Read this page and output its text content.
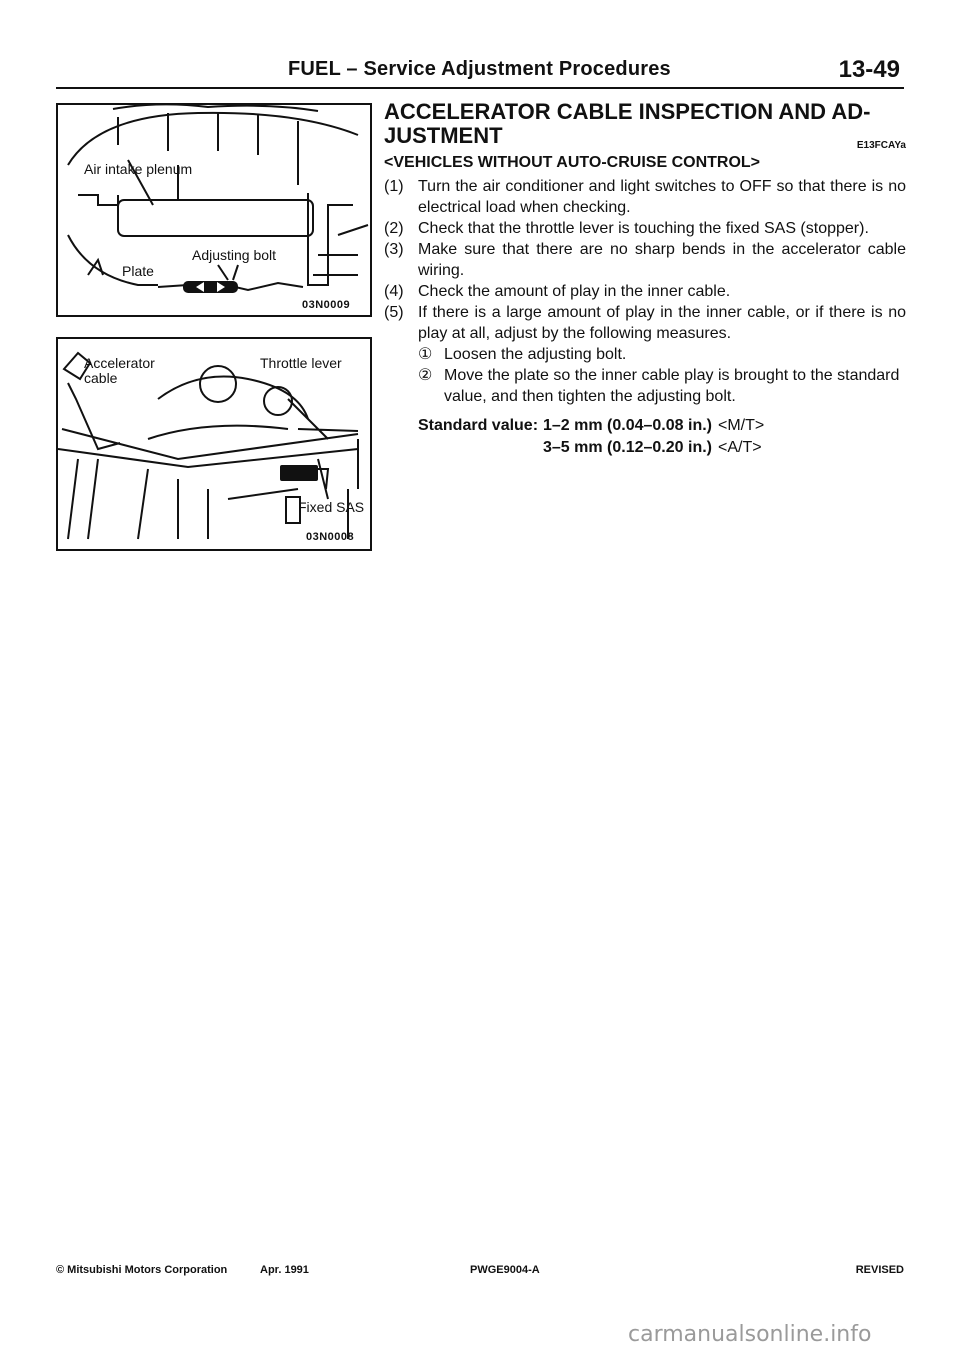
FUEL – Service Adjustment Procedures	13-49
Air intake plenum
Adjusting bolt
Plate
03N0009
Accelerator
cable
Throttle lever
Fixed SAS
03N0008
ACCELERATOR CABLE INSPECTION AND AD-
JUSTMENT	E13FCAYa
<VEHICLES WITHOUT AUTO-CRUISE CONTROL>
(1) Turn the air conditioner and light switches to OFF so that there is no electrical load when checking.
(2) Check that the throttle lever is touching the fixed SAS (stopper).
(3) Make sure that there are no sharp bends in the accelerator cable wiring.
(4) Check the amount of play in the inner cable.
(5) If there is a large amount of play in the inner cable, or if there is no play at all, adjust by the following measures.
① Loosen the adjusting bolt.
② Move the plate so the inner cable play is brought to the standard value, and then tighten the adjusting bolt.
Standard value: 1–2 mm (0.04–0.08 in.) <M/T>
3–5 mm (0.12–0.20 in.) <A/T>
© Mitsubishi Motors Corporation	Apr. 1991	PWGE9004-A	REVISED
carmanualsonline.info
